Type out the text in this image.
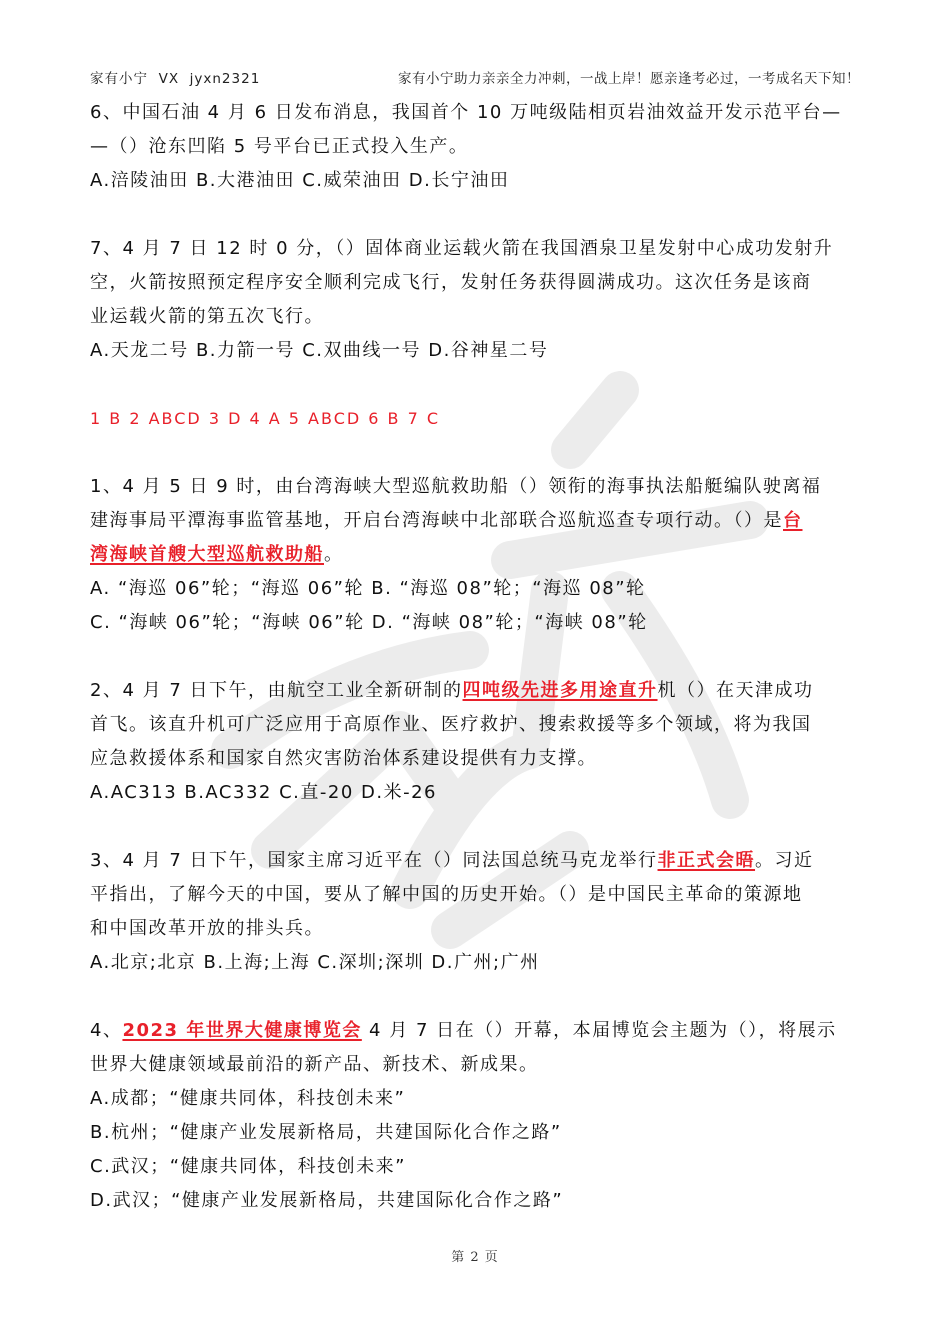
家有小宁  VX  jyxn2321	家有小宁助力亲亲全力冲刺，一战上岸！愿亲逢考必过，一考成名天下知！
6、中国石油 4 月 6 日发布消息，我国首个 10 万吨级陆相页岩油效益开发示范平台—
—（）沧东凹陷 5 号平台已正式投入生产。
A.涪陵油田 B.大港油田 C.威荣油田 D.长宁油田
7、4 月 7 日 12 时 0 分，（）固体商业运载火箭在我国酒泉卫星发射中心成功发射升
空，火箭按照预定程序安全顺利完成飞行，发射任务获得圆满成功。这次任务是该商
业运载火箭的第五次飞行。
A.天龙二号 B.力箭一号 C.双曲线一号 D.谷神星二号
1 B 2 ABCD 3 D 4 A 5 ABCD 6 B 7 C
1、4 月 5 日 9 时，由台湾海峡大型巡航救助船（）领衔的海事执法船艇编队驶离福
建海事局平潭海事监管基地，开启台湾海峡中北部联合巡航巡查专项行动。（）是台
湾海峡首艘大型巡航救助船。
A. “海巡 06”轮；“海巡 06”轮 B. “海巡 08”轮；“海巡 08”轮
C. “海峡 06”轮；“海峡 06”轮 D. “海峡 08”轮；“海峡 08”轮
2、4 月 7 日下午，由航空工业全新研制的四吨级先进多用途直升机（）在天津成功
首飞。该直升机可广泛应用于高原作业、医疗救护、搜索救援等多个领域，将为我国
应急救援体系和国家自然灾害防治体系建设提供有力支撑。
A.AC313 B.AC332 C.直-20 D.米-26
3、4 月 7 日下午，国家主席习近平在（）同法国总统马克龙举行非正式会晤。习近
平指出，了解今天的中国，要从了解中国的历史开始。（）是中国民主革命的策源地
和中国改革开放的排头兵。
A.北京;北京 B.上海;上海 C.深圳;深圳 D.广州;广州
4、2023 年世界大健康博览会 4 月 7 日在（）开幕，本届博览会主题为（），将展示
世界大健康领域最前沿的新产品、新技术、新成果。
A.成都；“健康共同体，科技创未来”
B.杭州；“健康产业发展新格局，共建国际化合作之路”
C.武汉；“健康共同体，科技创未来”
D.武汉；“健康产业发展新格局，共建国际化合作之路”
第 2 页
